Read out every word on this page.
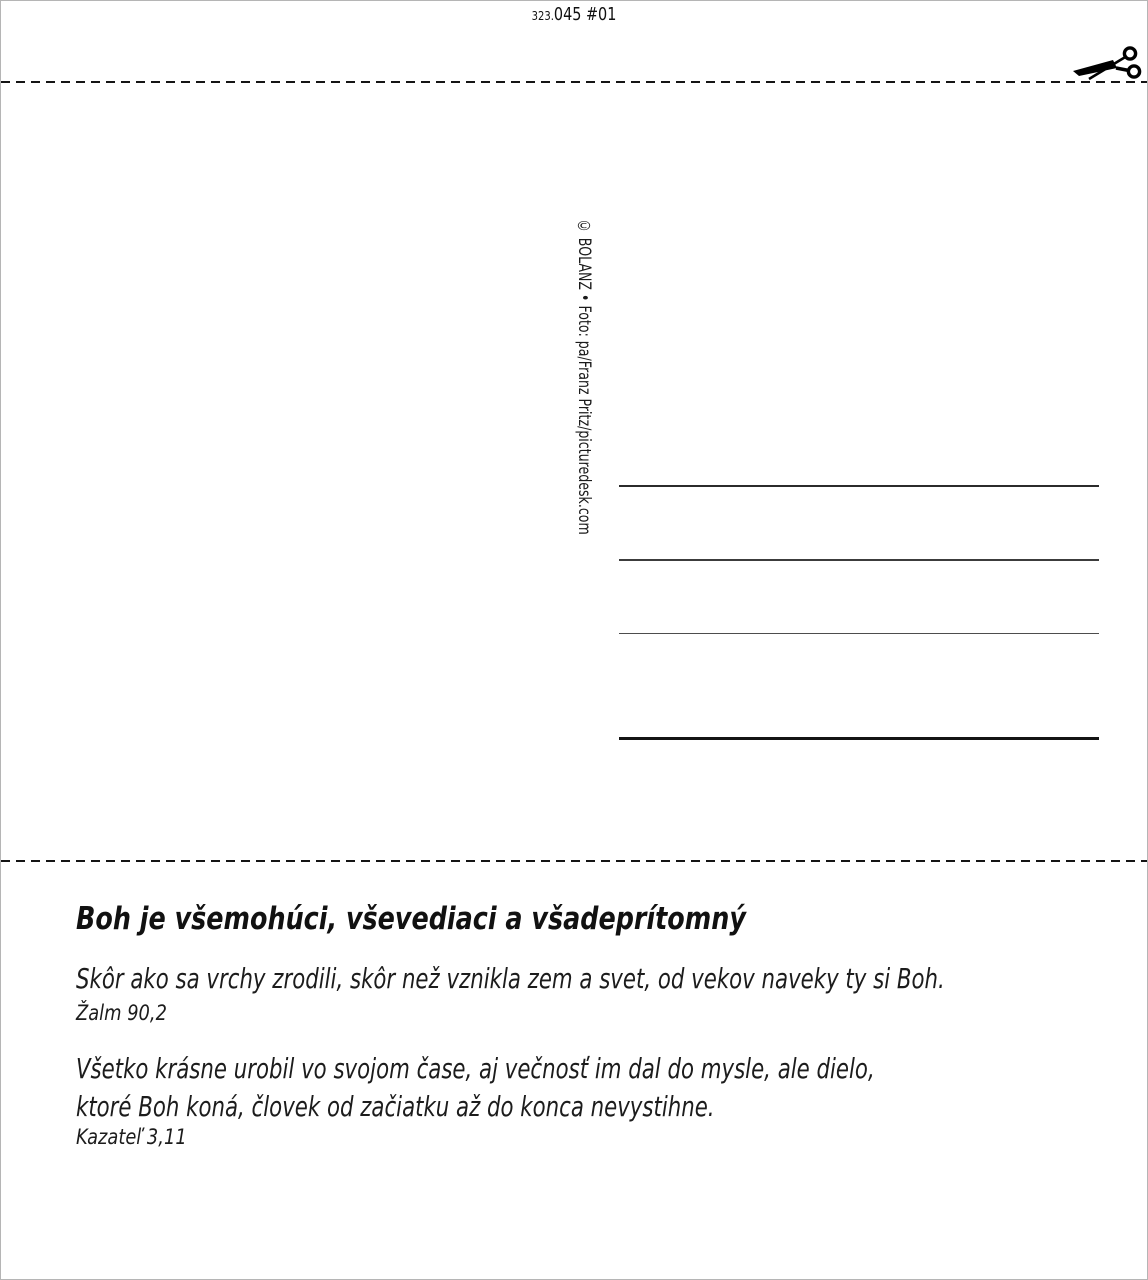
323.045 #01
© BOLANZ • Foto: pa/Franz Pritz/picturedesk.com
Boh je všemohúci, vševediaci a všadeprítomný
Skôr ako sa vrchy zrodili, skôr než vznikla zem a svet, od vekov naveky ty si Boh.
Žalm 90,2
Všetko krásne urobil vo svojom čase, aj večnosť im dal do mysle, ale dielo,
ktoré Boh koná, človek od začiatku až do konca nevystihne.
Kazateľ 3,11
